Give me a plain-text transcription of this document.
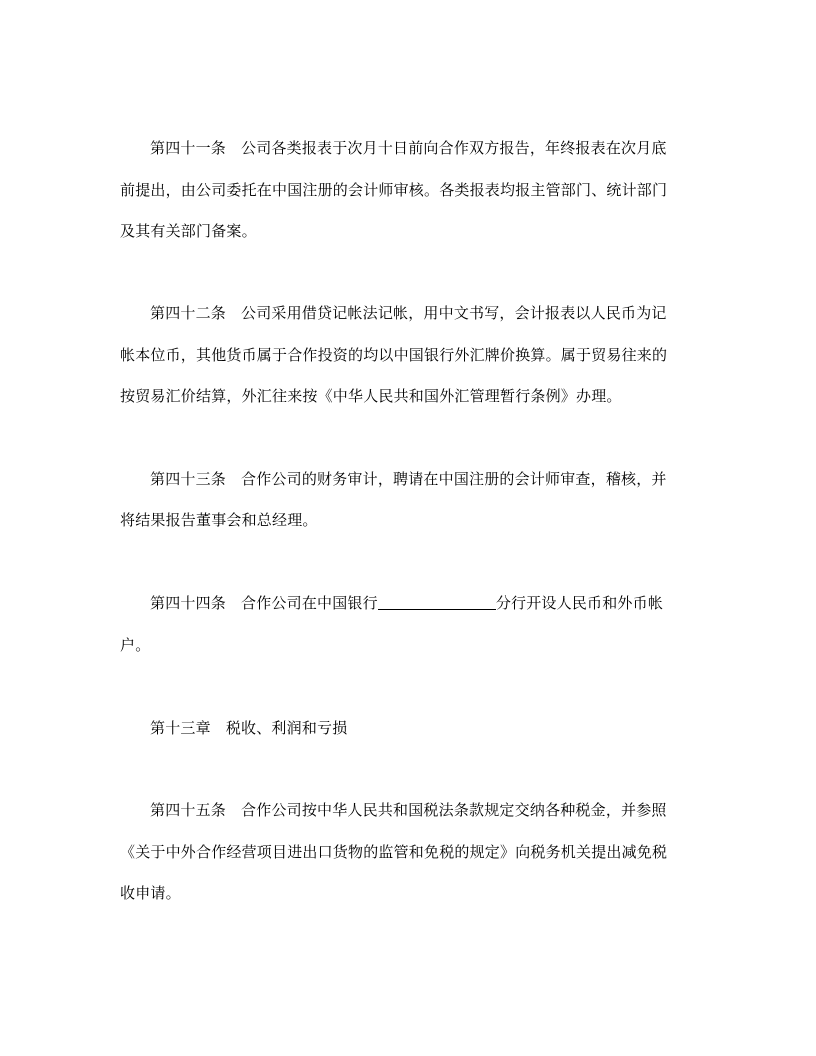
第四十一条 公司各类报表于次月十日前向合作双方报告，年终报表在次月底
前提出，由公司委托在中国注册的会计师审核。各类报表均报主管部门、统计部门
及其有关部门备案。
第四十二条 公司采用借贷记帐法记帐，用中文书写，会计报表以人民币为记
帐本位币，其他货币属于合作投资的均以中国银行外汇牌价换算。属于贸易往来的
按贸易汇价结算，外汇往来按《中华人民共和国外汇管理暂行条例》办理。
第四十三条 合作公司的财务审计，聘请在中国注册的会计师审查，稽核，并
将结果报告董事会和总经理。
第四十四条 合作公司在中国银行	分行开设人民币和外币帐
户。
第十三章 税收、利润和亏损
第四十五条 合作公司按中华人民共和国税法条款规定交纳各种税金，并参照
《关于中外合作经营项目进出口货物的监管和免税的规定》向税务机关提出减免税
收申请。
